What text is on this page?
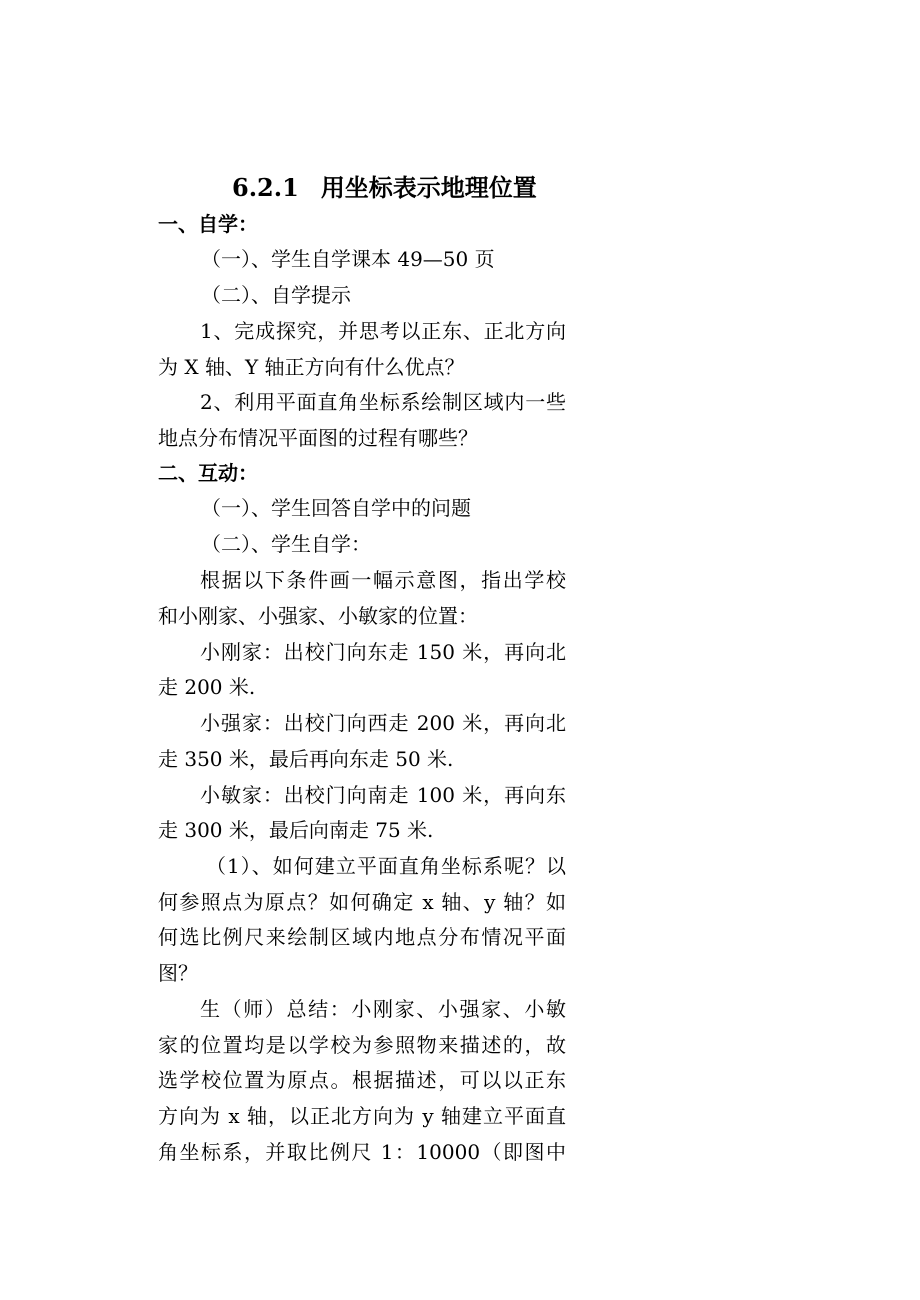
6.2.1 用坐标表示地理位置
一、自学：
（一）、学生自学课本 49—50 页
（二）、自学提示
1、完成探究，并思考以正东、正北方向
为 X 轴、Y 轴正方向有什么优点？
2、利用平面直角坐标系绘制区域内一些
地点分布情况平面图的过程有哪些？
二、互动：
（一）、学生回答自学中的问题
（二）、学生自学：
根据以下条件画一幅示意图，指出学校
和小刚家、小强家、小敏家的位置：
小刚家：出校门向东走 150 米，再向北
走 200 米.
小强家：出校门向西走 200 米，再向北
走 350 米，最后再向东走 50 米.
小敏家：出校门向南走 100 米，再向东
走 300 米，最后向南走 75 米.
（1）、如何建立平面直角坐标系呢？以
何参照点为原点？如何确定 x 轴、y 轴？如
何选比例尺来绘制区域内地点分布情况平面
图？
生（师）总结：小刚家、小强家、小敏
家的位置均是以学校为参照物来描述的，故
选学校位置为原点。根据描述，可以以正东
方向为 x 轴，以正北方向为 y 轴建立平面直
角坐标系，并取比例尺 1：10000（即图中
